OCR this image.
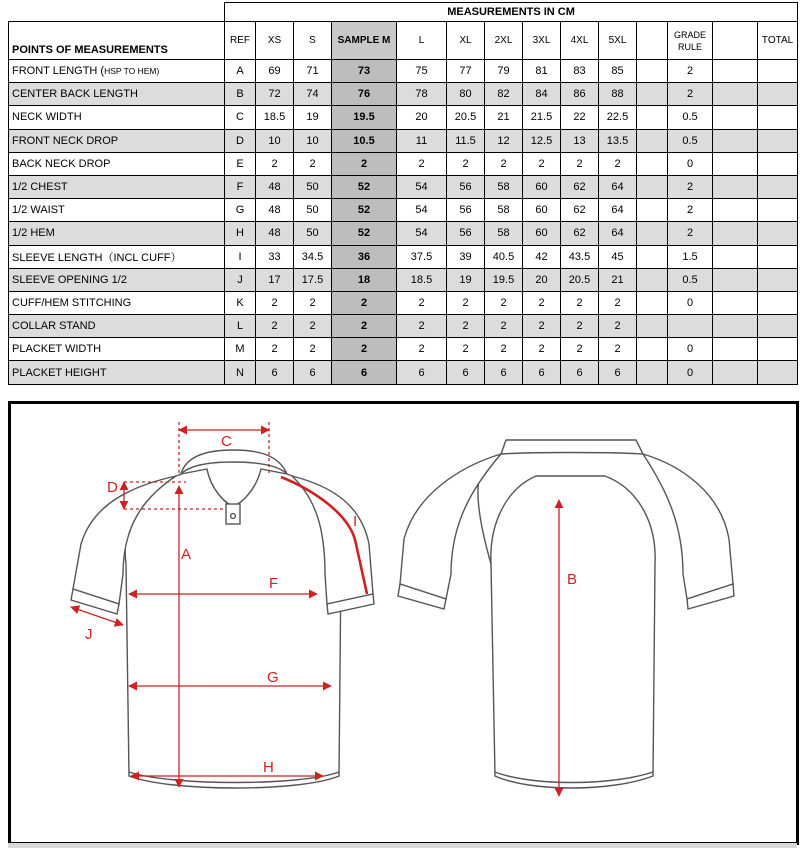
	MEASUREMENTS IN CM													
POINTS OF MEASUREMENTS	REF	XS	S	SAMPLE M	L	XL	2XL	3XL	4XL	5XL		GRADE
RULE		TOTAL
FRONT LENGTH (HSP TO HEM)	A	69	71	73	75	77	79	81	83	85		2		
CENTER BACK LENGTH	B	72	74	76	78	80	82	84	86	88		2		
NECK WIDTH	C	18.5	19	19.5	20	20.5	21	21.5	22	22.5		0.5		
FRONT NECK DROP	D	10	10	10.5	11	11.5	12	12.5	13	13.5		0.5		
BACK NECK DROP	E	2	2	2	2	2	2	2	2	2		0		
1/2 CHEST	F	48	50	52	54	56	58	60	62	64		2		
1/2 WAIST	G	48	50	52	54	56	58	60	62	64		2		
1/2 HEM	H	48	50	52	54	56	58	60	62	64		2		
SLEEVE LENGTH（INCL CUFF）	I	33	34.5	36	37.5	39	40.5	42	43.5	45		1.5		
SLEEVE OPENING 1/2	J	17	17.5	18	18.5	19	19.5	20	20.5	21		0.5		
CUFF/HEM STITCHING	K	2	2	2	2	2	2	2	2	2		0		
COLLAR STAND	L	2	2	2	2	2	2	2	2	2				
PLACKET WIDTH	M	2	2	2	2	2	2	2	2	2		0		
PLACKET HEIGHT	N	6	6	6	6	6	6	6	6	6		0		
C
D
A
F
G
H
I
J
B
